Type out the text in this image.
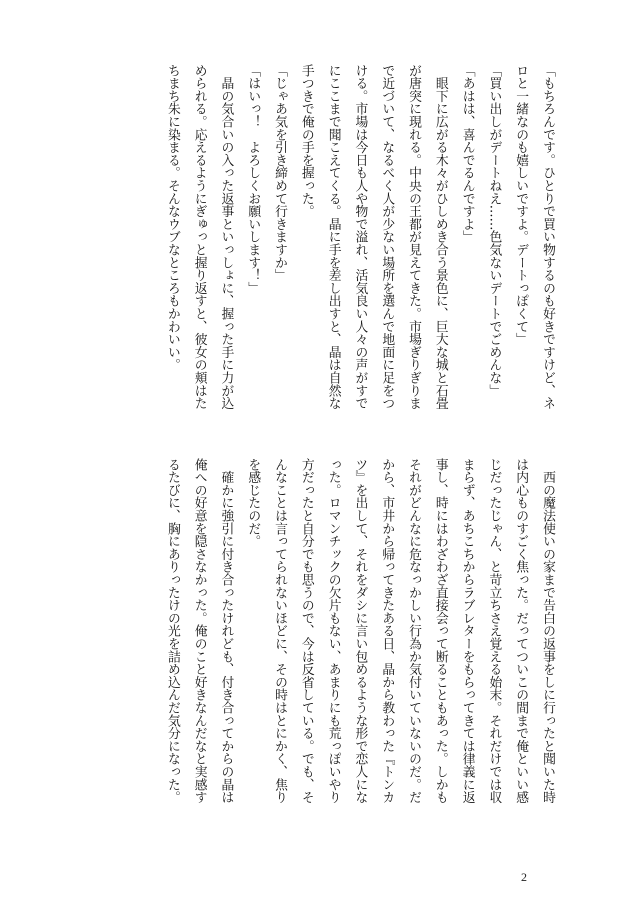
「もちろんです。ひとりで買い物するのも好きですけど、ネ
ロと一緒なのも嬉しいですよ。デートっぽくて」
「買い出しがデートねえ……色気ないデートでごめんな」
「あはは、喜んでるんですよ」
　眼下に広がる木々がひしめき合う景色に、巨大な城と石畳
が唐突に現れる。中央の王都が見えてきた。市場ぎりぎりま
で近づいて、なるべく人が少ない場所を選んで地面に足をつ
ける。市場は今日も人や物で溢れ、活気良い人々の声がすで
にここまで聞こえてくる。晶に手を差し出すと、晶は自然な
手つきで俺の手を握った。
「じゃあ気を引き締めて行きますか」
「はいっ！　よろしくお願いします！」
　晶の気合いの入った返事といっしょに、握った手に力が込
められる。応えるようにぎゅっと握り返すと、彼女の頬はた
ちまち朱に染まる。そんなウブなところもかわいい。
　西の魔法使いの家まで告白の返事をしに行ったと聞いた時
は内心ものすごく焦った。だってついこの間まで俺といい感
じだったじゃん、と苛立ちさえ覚える始末。それだけでは収
まらず、あちこちからラブレターをもらってきては律義に返
事し、時にはわざわざ直接会って断ることもあった。しかも
それがどんなに危なっかしい行為か気付いていないのだ。だ
から、市井から帰ってきたある日、晶から教わった『トンカ
ツ』を出して、それをダシに言い包めるような形で恋人にな
った。ロマンチックの欠片もない、あまりにも荒っぽいやり
方だったと自分でも思うので、今は反省している。でも、そ
んなことは言ってられないほどに、その時はとにかく、焦り
を感じたのだ。
　確かに強引に付き合ったけれども、付き合ってからの晶は
俺への好意を隠さなかった。俺のこと好きなんだなと実感す
るたびに、胸にありったけの光を詰め込んだ気分になった。
2
